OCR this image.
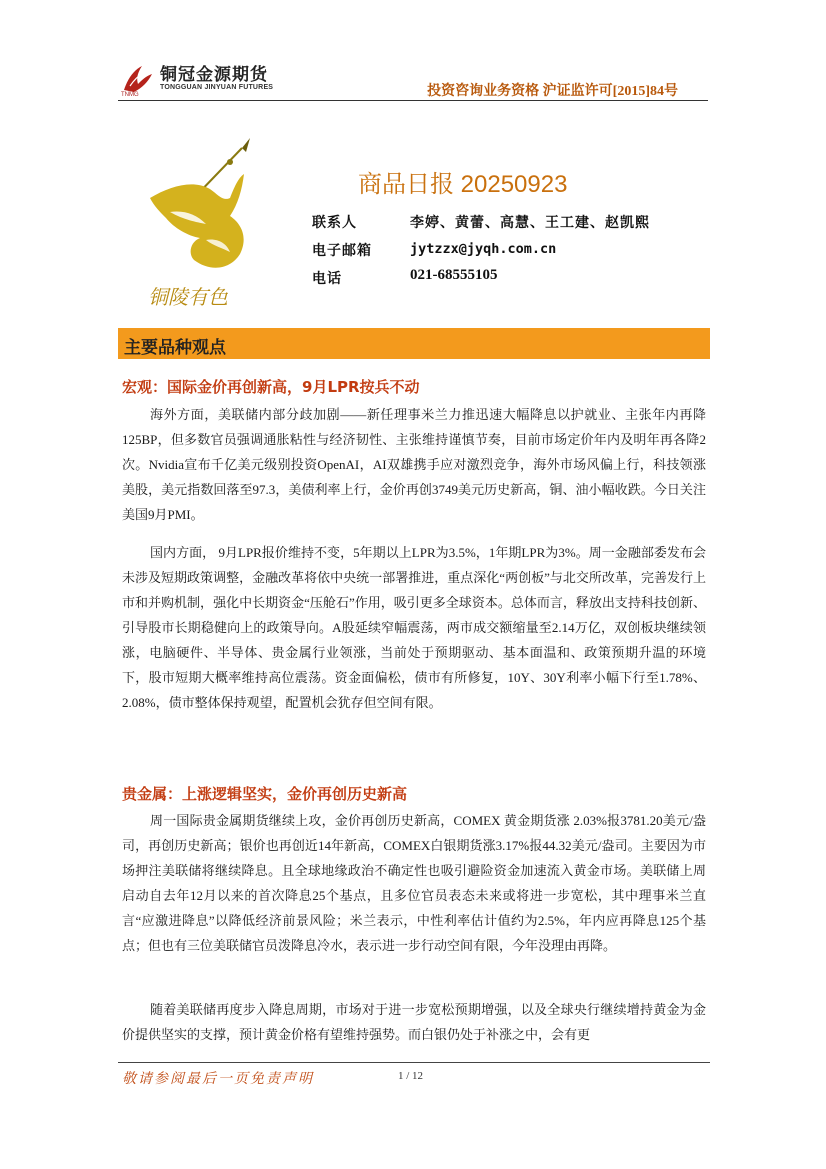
铜冠金源期货
TONGGUAN JINYUAN FUTURES
TNMG	投资咨询业务资格 沪证监许可[2015]84号
铜陵有色
商品日报 20250923
联系人	李婷、黄蕾、高慧、王工建、赵凯熙
电子邮箱	jytzzx@jyqh.com.cn
电话	021-68555105
主要品种观点
宏观：国际金价再创新高，9月LPR按兵不动
海外方面，美联储内部分歧加剧——新任理事米兰力推迅速大幅降息以护就业、主张年内再降125BP，但多数官员强调通胀粘性与经济韧性、主张维持谨慎节奏，目前市场定价年内及明年再各降2次。Nvidia宣布千亿美元级别投资OpenAI，AI双雄携手应对激烈竞争，海外市场风偏上行，科技领涨美股，美元指数回落至97.3，美债利率上行，金价再创3749美元历史新高，铜、油小幅收跌。今日关注美国9月PMI。
国内方面， 9月LPR报价维持不变，5年期以上LPR为3.5%，1年期LPR为3%。周一金融部委发布会未涉及短期政策调整，金融改革将依中央统一部署推进，重点深化“两创板”与北交所改革，完善发行上市和并购机制，强化中长期资金“压舱石”作用，吸引更多全球资本。总体而言，释放出支持科技创新、引导股市长期稳健向上的政策导向。A股延续窄幅震荡，两市成交额缩量至2.14万亿，双创板块继续领涨，电脑硬件、半导体、贵金属行业领涨，当前处于预期驱动、基本面温和、政策预期升温的环境下，股市短期大概率维持高位震荡。资金面偏松，债市有所修复，10Y、30Y利率小幅下行至1.78%、2.08%，债市整体保持观望，配置机会犹存但空间有限。
贵金属：上涨逻辑坚实，金价再创历史新高
周一国际贵金属期货继续上攻，金价再创历史新高，COMEX 黄金期货涨 2.03%报3781.20美元/盎司，再创历史新高；银价也再创近14年新高，COMEX白银期货涨3.17%报44.32美元/盎司。主要因为市场押注美联储将继续降息。且全球地缘政治不确定性也吸引避险资金加速流入黄金市场。美联储上周启动自去年12月以来的首次降息25个基点，且多位官员表态未来或将进一步宽松，其中理事米兰直言“应激进降息”以降低经济前景风险；米兰表示，中性利率估计值约为2.5%，年内应再降息125个基点；但也有三位美联储官员泼降息冷水，表示进一步行动空间有限，今年没理由再降。
随着美联储再度步入降息周期，市场对于进一步宽松预期增强，以及全球央行继续增持黄金为金价提供坚实的支撑，预计黄金价格有望维持强势。而白银仍处于补涨之中，会有更
敬请参阅最后一页免责声明	1 / 12
